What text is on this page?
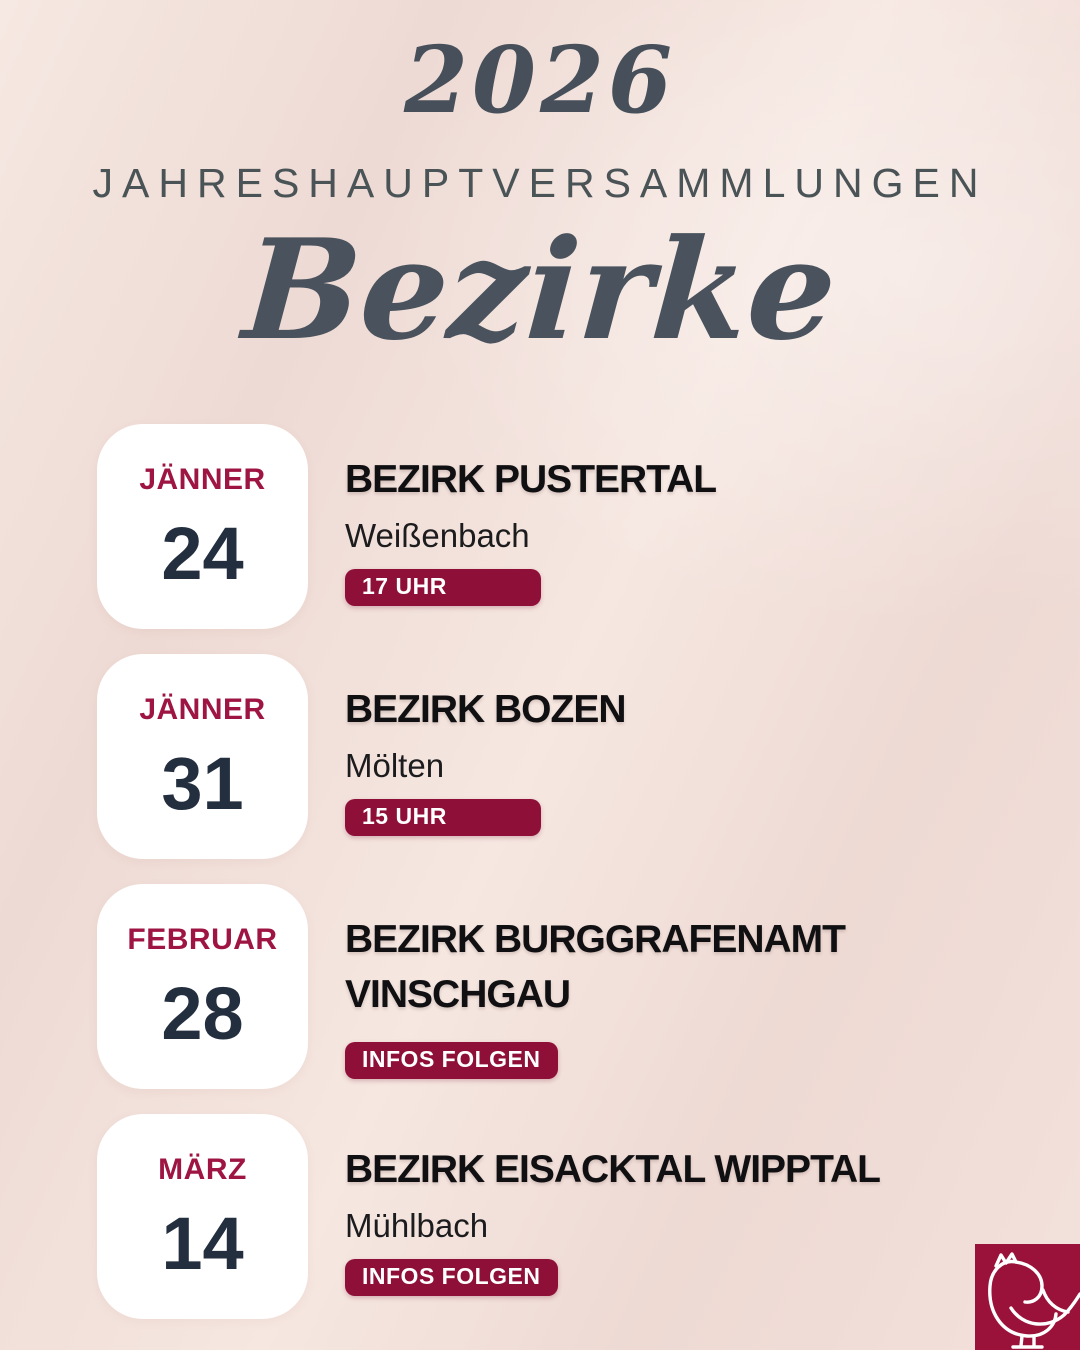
2026
JAHRESHAUPTVERSAMMLUNGEN
Bezirke
JÄNNER
24
BEZIRK PUSTERTAL
Weißenbach
17 UHR
JÄNNER
31
BEZIRK BOZEN
Mölten
15 UHR
FEBRUAR
28
BEZIRK BURGGRAFENAMT VINSCHGAU
INFOS FOLGEN
MÄRZ
14
BEZIRK EISACKTAL WIPPTAL
Mühlbach
INFOS FOLGEN
